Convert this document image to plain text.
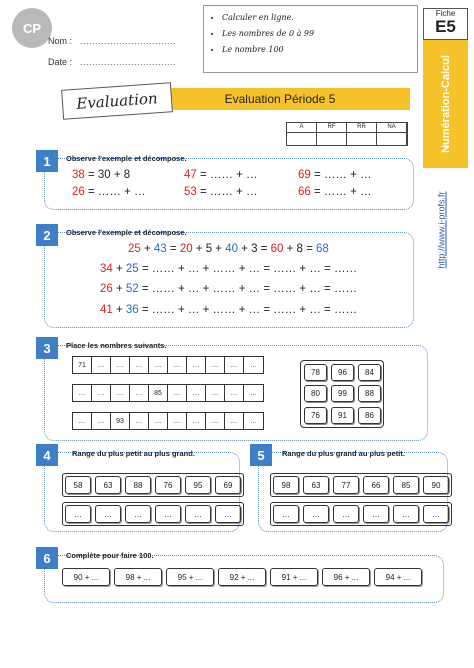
CP
Nom : ................................
Date : ................................
• Calculer en ligne.
• Les nombres de 0 à 99
• Le nombre 100
Fiche
E5
Numération-Calcul
http://www.i-profs.fr
Evaluation Période 5
Evaluation
A	RF	RR	NA
1	Observe l'exemple et décompose.
38 = 30 + 8	47 = …… + …	69 = …… + …
26 = …… + …	53 = …… + …	66 = …… + …
2	Observe l'exemple et décompose.
25 + 43 = 20 + 5 + 40 + 3 = 60 + 8 = 68
34 + 25 = …… + … + …… + … = …… + … = ……
26 + 52 = …… + … + …… + … = …… + … = ……
41 + 36 = …… + … + …… + … = …… + … = ……
3	Place les nombres suivants.
71	…	…	…	…	…	…	…	…	…
…	…	…	…	85	…	…	…	…	…
…	…	93	…	…	…	…	…	…	…
78	96	84
80	99	88
76	91	86
4	Range du plus petit au plus grand.
58	63	88	76	95	69
…	…	…	…	…	…
5	Range du plus grand au plus petit.
98	63	77	66	85	90
…	…	…	…	…	…
6	Complète pour faire 100.
90 + ...	98 + ...	95 + ...	92 + ...	91 + ...	96 + ...	94 + ...
